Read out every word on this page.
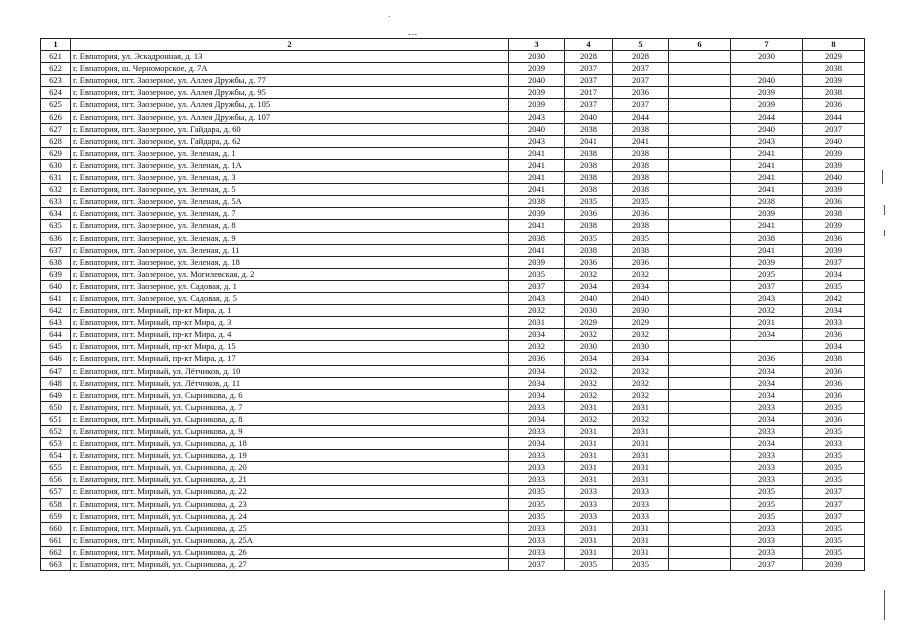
.
-·-
1	2	3	4	5	6	7	8
621	г. Евпатория, ул. Эскадронная, д. 13	2030	2028	2028		2030	2029
622	г. Евпатория, ш. Черноморское, д. 7А	2039	2037	2037			2038
623	г. Евпатория, пгт. Заозерное, ул. Аллея Дружбы, д. 77	2040	2037	2037		2040	2039
624	г. Евпатория, пгт. Заозерное, ул. Аллея Дружбы, д. 95	2039	2017	2036		2039	2038
625	г. Евпатория, пгт. Заозерное, ул. Аллея Дружбы, д. 105	2039	2037	2037		2039	2036
626	г. Евпатория, пгт. Заозерное, ул. Аллея Дружбы, д. 107	2043	2040	2044		2044	2044
627	г. Евпатория, пгт. Заозерное, ул. Гайдара, д. 60	2040	2038	2038		2040	2037
628	г. Евпатория, пгт. Заозерное, ул. Гайдара, д. 62	2043	2041	2041		2043	2040
629	г. Евпатория, пгт. Заозерное, ул. Зеленая, д. 1	2041	2038	2038		2041	2039
630	г. Евпатория, пгт. Заозерное, ул. Зеленая, д. 1А	2041	2038	2038		2041	2039
631	г. Евпатория, пгт. Заозерное, ул. Зеленая, д. 3	2041	2038	2038		2041	2040
632	г. Евпатория, пгт. Заозерное, ул. Зеленая, д. 5	2041	2038	2038		2041	2039
633	г. Евпатория, пгт. Заозерное, ул. Зеленая, д. 5А	2038	2035	2035		2038	2036
634	г. Евпатория, пгт. Заозерное, ул. Зеленая, д. 7	2039	2036	2036		2039	2038
635	г. Евпатория, пгт. Заозерное, ул. Зеленая, д. 8	2041	2038	2038		2041	2039
636	г. Евпатория, пгт. Заозерное, ул. Зеленая, д. 9	2038	2035	2035		2038	2036
637	г. Евпатория, пгт. Заозерное, ул. Зеленая, д. 11	2041	2038	2038		2041	2039
638	г. Евпатория, пгт. Заозерное, ул. Зеленая, д. 18	2039	2036	2036		2039	2037
639	г. Евпатория, пгт. Заозерное, ул. Могилевская, д. 2	2035	2032	2032		2035	2034
640	г. Евпатория, пгт. Заозерное, ул. Садовая, д. 1	2037	2034	2034		2037	2035
641	г. Евпатория, пгт. Заозерное, ул. Садовая, д. 5	2043	2040	2040		2043	2042
642	г. Евпатория, пгт. Мирный, пр-кт Мира, д. 1	2032	2030	2030		2032	2034
643	г. Евпатория, пгт. Мирный, пр-кт Мира, д. 3	2031	2029	2029		2031	2033
644	г. Евпатория, пгт. Мирный, пр-кт Мира, д. 4	2034	2032	2032		2034	2036
645	г. Евпатория, пгт. Мирный, пр-кт Мира, д. 15	2032	2030	2030			2034
646	г. Евпатория, пгт. Мирный, пр-кт Мира, д. 17	2036	2034	2034		2036	2038
647	г. Евпатория, пгт. Мирный, ул. Лётчиков, д. 10	2034	2032	2032		2034	2036
648	г. Евпатория, пгт. Мирный, ул. Лётчиков, д. 11	2034	2032	2032		2034	2036
649	г. Евпатория, пгт. Мирный, ул. Сырникова, д. 6	2034	2032	2032		2034	2036
650	г. Евпатория, пгт. Мирный, ул. Сырникова, д. 7	2033	2031	2031		2033	2035
651	г. Евпатория, пгт. Мирный, ул. Сырникова, д. 8	2034	2032	2032		2034	2036
652	г. Евпатория, пгт. Мирный, ул. Сырникова, д. 9	2033	2031	2031		2033	2035
653	г. Евпатория, пгт. Мирный, ул. Сырникова, д. 18	2034	2031	2031		2034	2033
654	г. Евпатория, пгт. Мирный, ул. Сырникова, д. 19	2033	2031	2031		2033	2035
655	г. Евпатория, пгт. Мирный, ул. Сырникова, д. 20	2033	2031	2031		2033	2035
656	г. Евпатория, пгт. Мирный, ул. Сырникова, д. 21	2033	2031	2031		2033	2035
657	г. Евпатория, пгт. Мирный, ул. Сырникова, д. 22	2035	2033	2033		2035	2037
658	г. Евпатория, пгт. Мирный, ул. Сырникова, д. 23	2035	2033	2033		2035	2037
659	г. Евпатория, пгт. Мирный, ул. Сырникова, д. 24	2035	2033	2033		2035	2037
660	г. Евпатория, пгт. Мирный, ул. Сырникова, д. 25	2033	2031	2031		2033	2035
661	г. Евпатория, пгт. Мирный, ул. Сырникова, д. 25А	2033	2031	2031		2033	2035
662	г. Евпатория, пгт. Мирный, ул. Сырникова, д. 26	2033	2031	2031		2033	2035
663	г. Евпатория, пгт. Мирный, ул. Сырникова, д. 27	2037	2035	2035		2037	2039
